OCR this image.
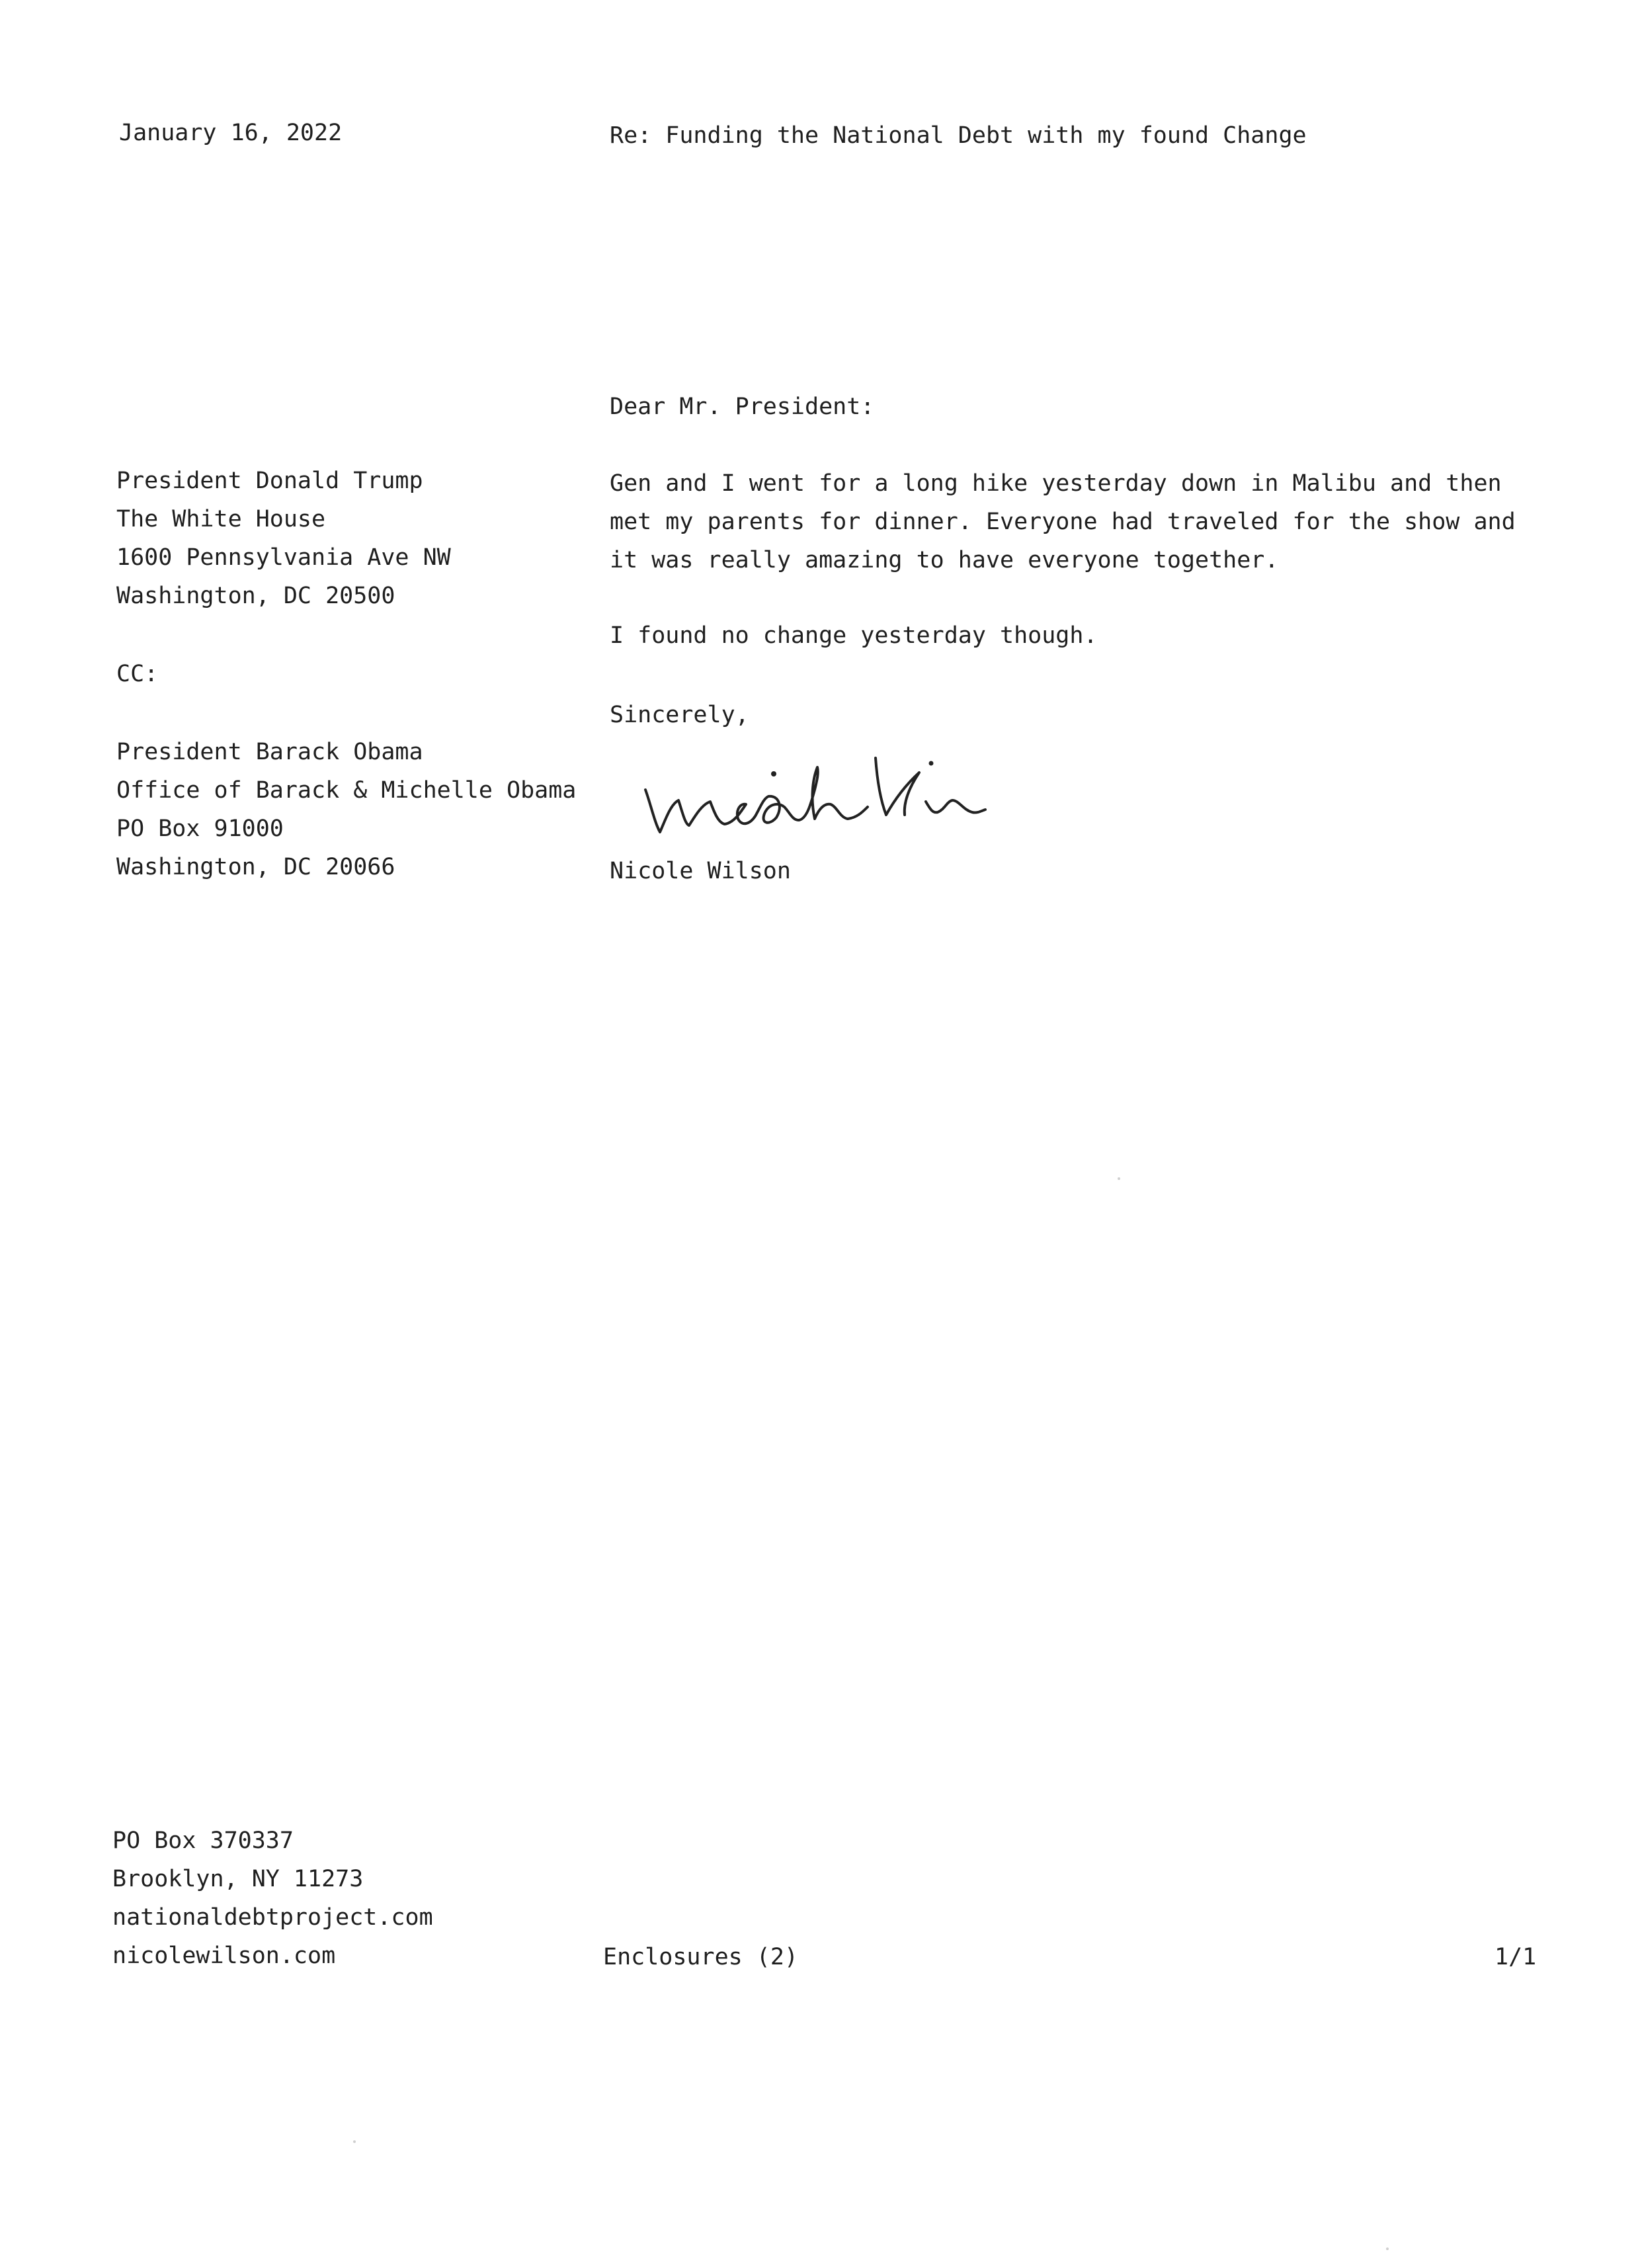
January 16, 2022	Re: Funding the National Debt with my found Change
Dear Mr. President:
President Donald Trump
The White House
1600 Pennsylvania Ave NW
Washington, DC 20500
CC:
President Barack Obama
Office of Barack & Michelle Obama
PO Box 91000
Washington, DC 20066

Gen and I went for a long hike yesterday down in Malibu and then met my parents for dinner. Everyone had traveled for the show and it was really amazing to have everyone together.

I found no change yesterday though.

Sincerely,
Nicole Wilson
PO Box 370337
Brooklyn, NY 11273
nationaldebtproject.com
nicolewilson.com	Enclosures (2)	1/1
